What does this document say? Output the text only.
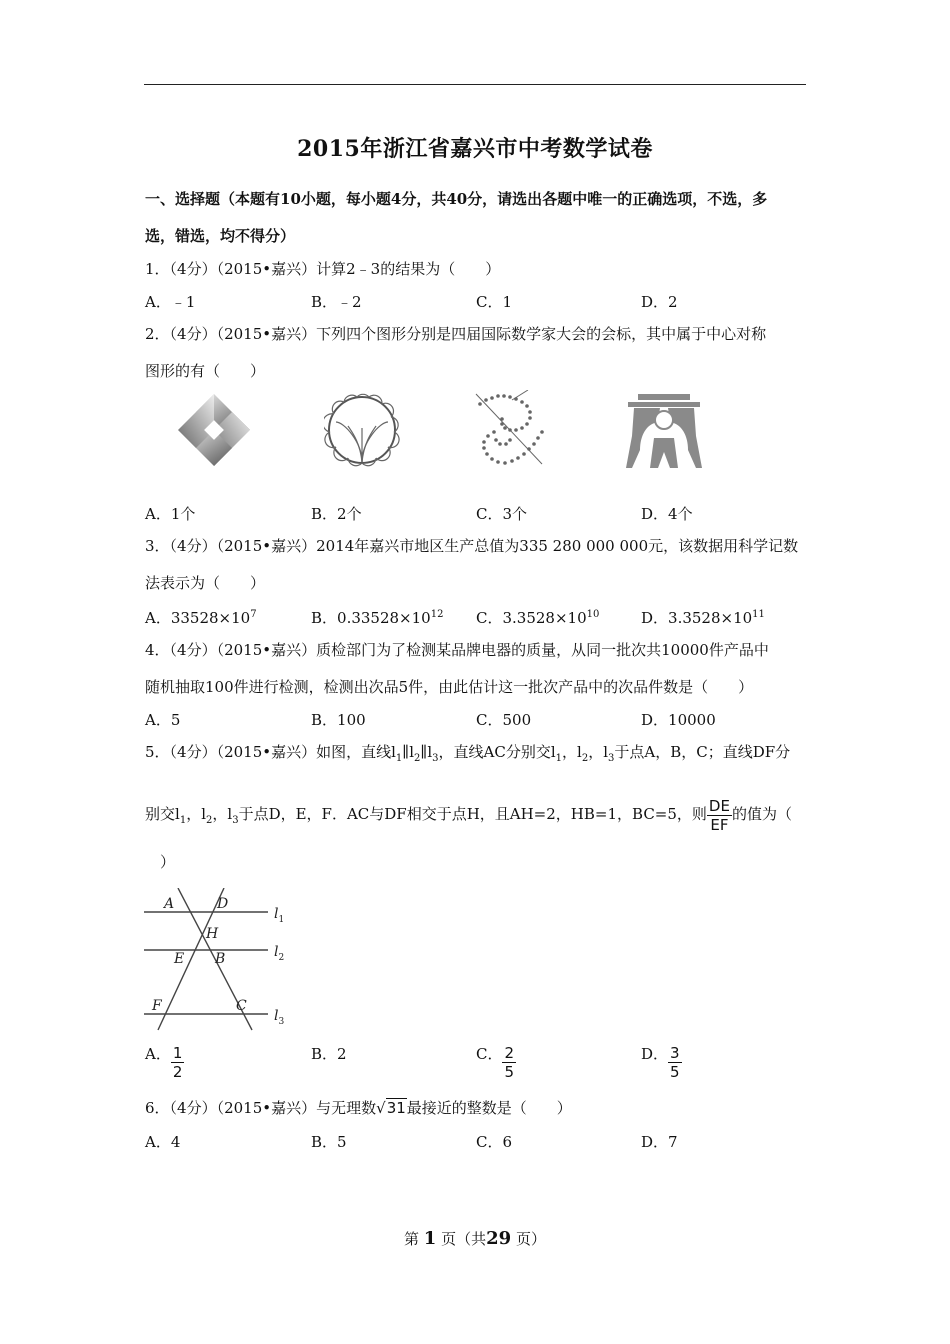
2015年浙江省嘉兴市中考数学试卷
一、选择题（本题有10小题，每小题4分，共40分，请选出各题中唯一的正确选项，不选，多
选，错选，均不得分）
1．（4分）（2015•嘉兴）计算2﹣3的结果为（　　）
A．﹣1	B．﹣2	C．1	D．2
2．（4分）（2015•嘉兴）下列四个图形分别是四届国际数学家大会的会标，其中属于中心对称
图形的有（　　）
A．1个	B．2个	C．3个	D．4个
3．（4分）（2015•嘉兴）2014年嘉兴市地区生产总值为335 280 000 000元，该数据用科学记数
法表示为（　　）
A．$33528\times 10^7$	B．$0.33528\times 10^{12}$ C．$3.3528\times 10^{10}$	D．$3.3528\times 10^{11}$
4．（4分）（2015•嘉兴）质检部门为了检测某品牌电器的质量，从同一批次共10000件产品中
随机抽取100件进行检测，检测出次品5件，由此估计这一批次产品中的次品件数是（　　）
A．5	B．100	C．500	D．10000
5．（4分）（2015•嘉兴）如图，直线$l_1\parallel l_2\parallel l_3$，直线AC分别交$l_1$，$l_2$，$l_3$于点A，B，C；直线DF分
别交$l_1$，$l_2$，$l_3$于点D，E，F．AC与DF相交于点H，且AH=2，HB=1，BC=5，则 $\frac{DE}{EF}$ 的值为（
）
A	D
H
E B
F	C
$l_1$
$l_2$
$l_3$
A． $\frac{1}{2}$	B．2	C． $\frac{2}{5}$	D． $\frac{3}{5}$
6．（4分）（2015•嘉兴）与无理数√31最接近的整数是（　　）
A．4	B．5	C．6	D．7
第 1 页（共29 页）
